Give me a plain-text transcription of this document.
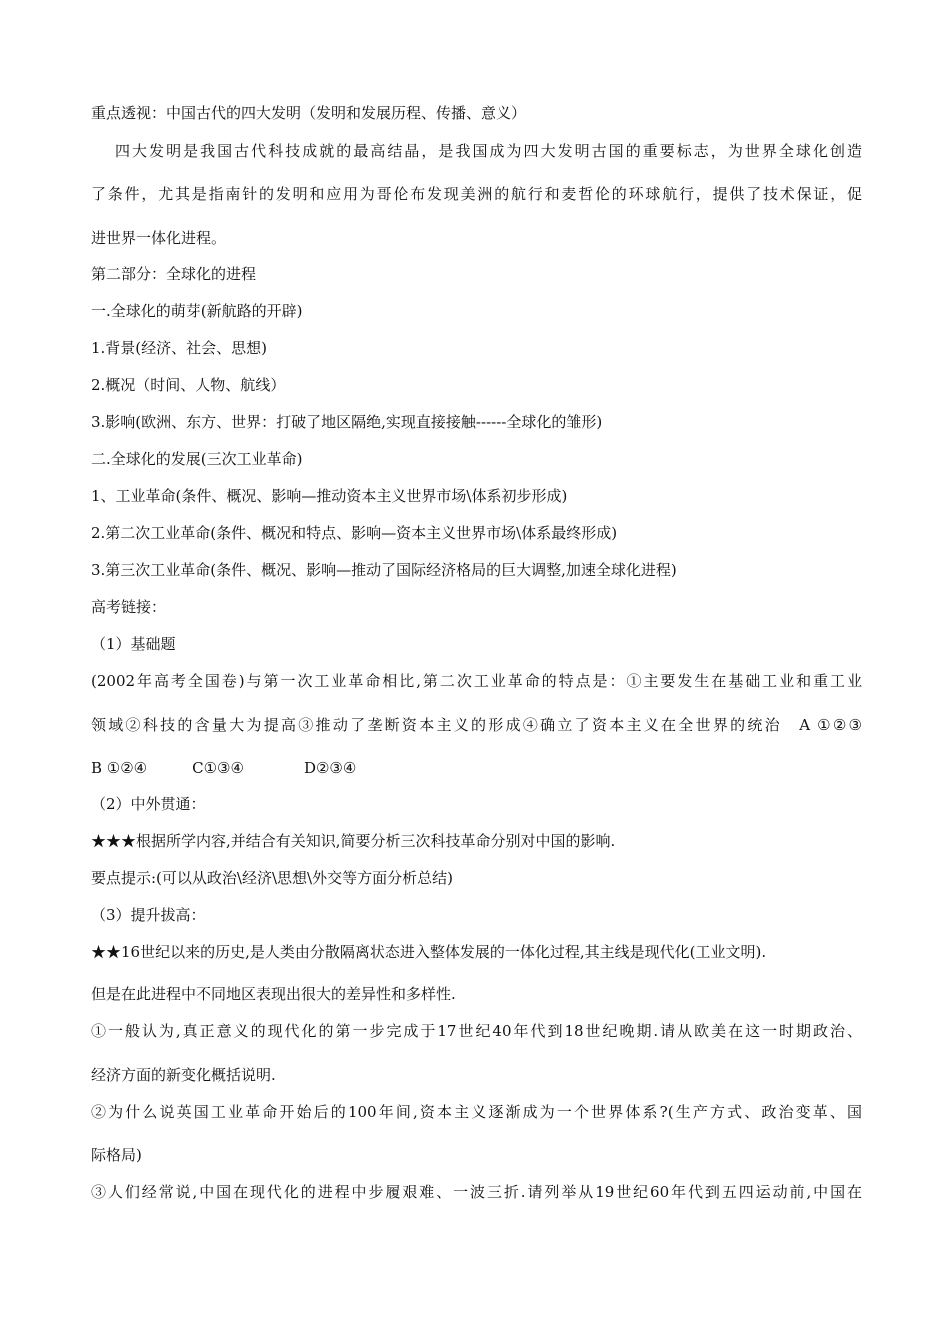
重点透视：中国古代的四大发明（发明和发展历程、传播、意义）
四大发明是我国古代科技成就的最高结晶，是我国成为四大发明古国的重要标志，为世界全球化创造
了条件，尤其是指南针的发明和应用为哥伦布发现美洲的航行和麦哲伦的环球航行，提供了技术保证，促
进世界一体化进程。
第二部分：全球化的进程
一.全球化的萌芽(新航路的开辟)
1.背景(经济、社会、思想)
2.概况（时间、人物、航线）
3.影响(欧洲、东方、世界：打破了地区隔绝,实现直接接触------全球化的雏形)
二.全球化的发展(三次工业革命)
1、工业革命(条件、概况、影响—推动资本主义世界市场\体系初步形成)
2.第二次工业革命(条件、概况和特点、影响—资本主义世界市场\体系最终形成)
3.第三次工业革命(条件、概况、影响—推动了国际经济格局的巨大调整,加速全球化进程)
高考链接：
（1）基础题
(2002年高考全国卷)与第一次工业革命相比,第二次工业革命的特点是：①主要发生在基础工业和重工业
领域②科技的含量大为提高③推动了垄断资本主义的形成④确立了资本主义在全世界的统治　A ①②③
B ①②④　　　C①③④　　　　D②③④
（2）中外贯通：
★★★根据所学内容,并结合有关知识,简要分析三次科技革命分别对中国的影响.
要点提示:(可以从政治\经济\思想\外交等方面分析总结)
（3）提升拔高：
★★16世纪以来的历史,是人类由分散隔离状态进入整体发展的一体化过程,其主线是现代化(工业文明).
但是在此进程中不同地区表现出很大的差异性和多样性.
①一般认为,真正意义的现代化的第一步完成于17世纪40年代到18世纪晚期.请从欧美在这一时期政治、
经济方面的新变化概括说明.
②为什么说英国工业革命开始后的100年间,资本主义逐渐成为一个世界体系?(生产方式、政治变革、国
际格局)
③人们经常说,中国在现代化的进程中步履艰难、一波三折.请列举从19世纪60年代到五四运动前,中国在
